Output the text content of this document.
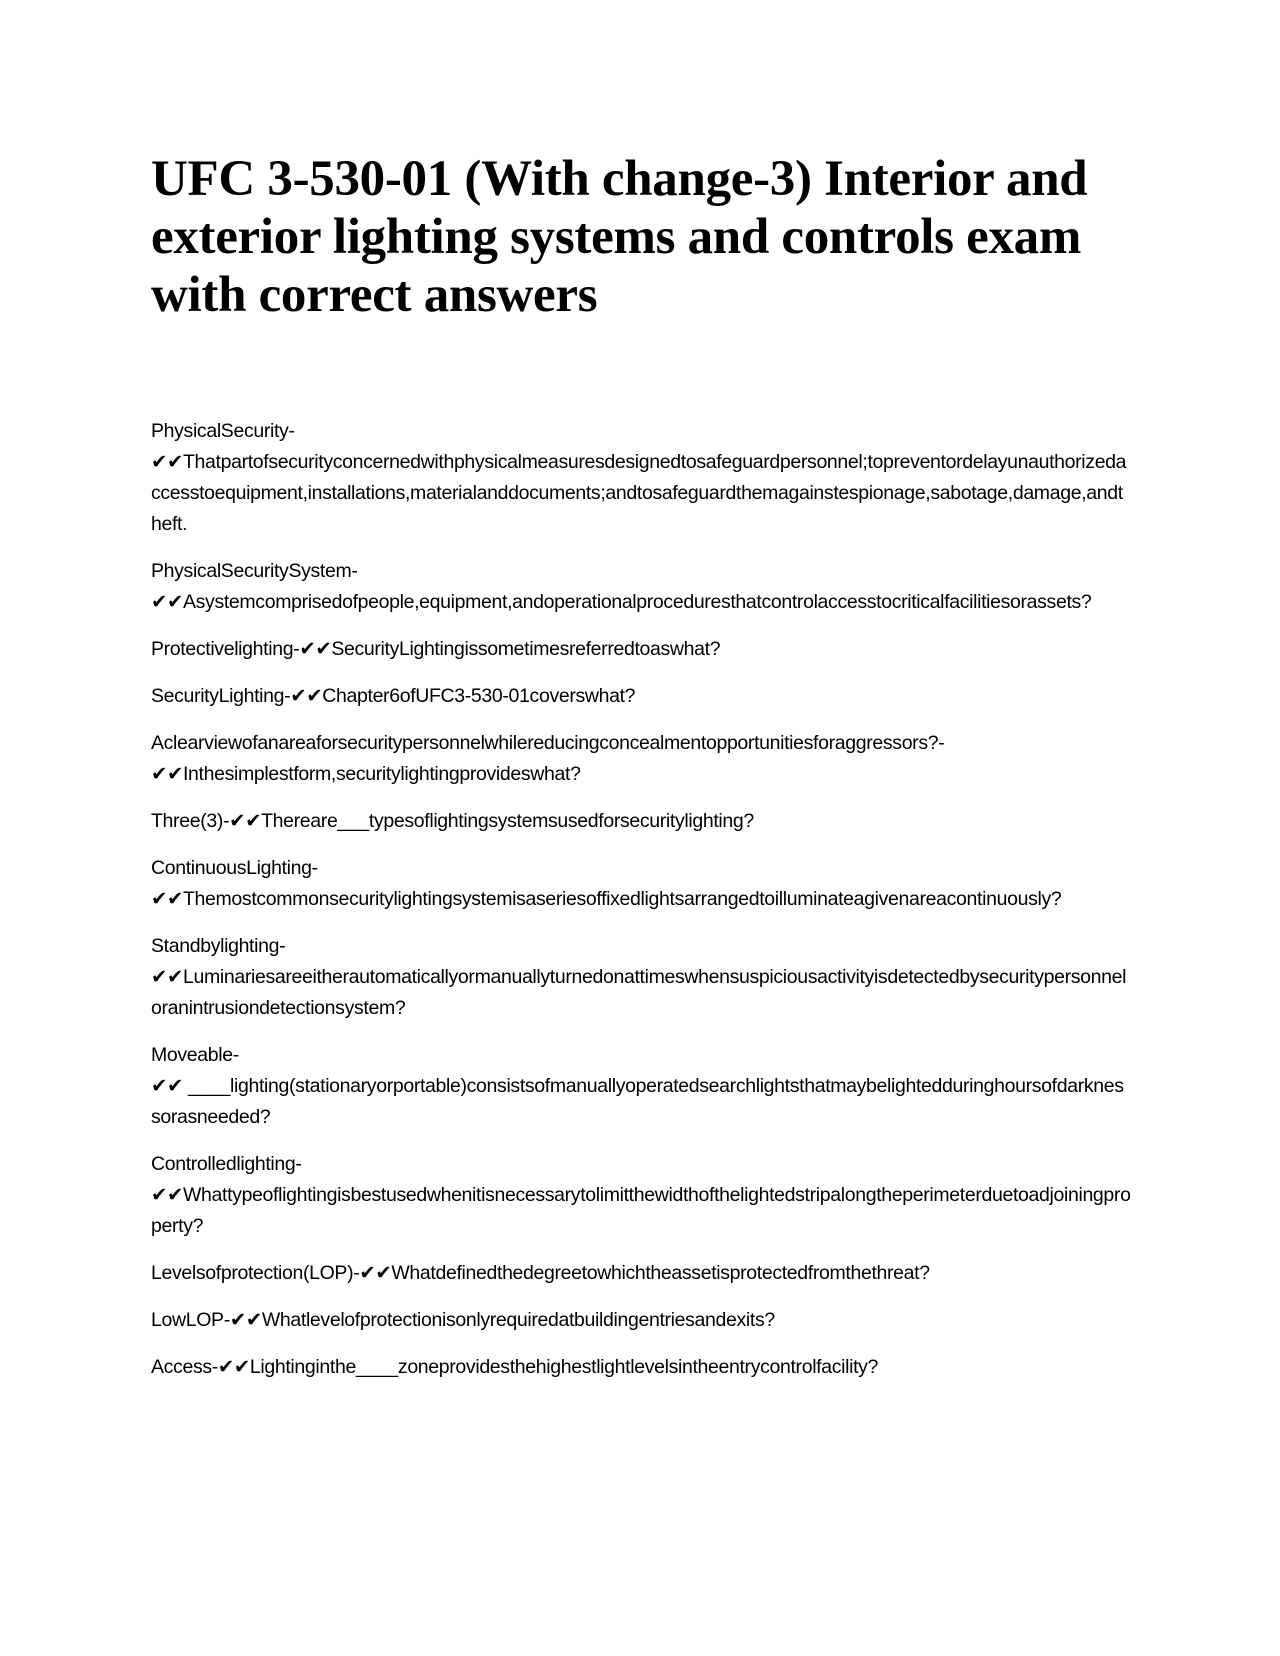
UFC 3-530-01 (With change-3) Interior and exterior lighting systems and controls exam with correct answers
PhysicalSecurity-
✔✔Thatpartofsecurityconcernedwithphysicalmeasuresdesignedtosafeguardpersonnel;topreventordelayunauthorizedaccesstoequipment,installations,materialanddocuments;andtosafeguardthemagainstespionage,sabotage,damage,andtheft.
PhysicalSecuritySystem-
✔✔Asystemcomprisedofpeople,equipment,andoperationalproceduresthatcontrolaccesstocriticalfacilitiesorassets?
Protectivelighting-✔✔SecurityLightingissometimesreferredtoaswhat?
SecurityLighting-✔✔Chapter6ofUFC3-530-01coverswhat?
Aclearviewofanareaforsecuritypersonnelwhilereducingconcealmentopportunitiesforaggressors?-
✔✔Inthesimplestform,securitylightingprovideswhat?
Three(3)-✔✔Thereare___typesoflightingsystemsusedforsecuritylighting?
ContinuousLighting-
✔✔Themostcommonsecuritylightingsystemisaseriesoffixedlightsarrangedtoilluminateagivenareacontinuously?
Standbylighting-
✔✔Luminariesareeitherautomaticallyormanuallyturnedonattimeswhensuspiciousactivityisdetectedbysecuritypersonneloranintrusiondetectionsystem?
Moveable-
✔✔ ____lighting(stationaryorportable)consistsofmanuallyoperatedsearchlightsthatmaybelightedduringhoursofdarknessorasneeded?
Controlledlighting-
✔✔Whattypeoflightingisbestusedwhenitisnecessarytolimitthewidthofthelightedstripalongtheperimeterduetoadjoiningproperty?
Levelsofprotection(LOP)-✔✔Whatdefinedthedegreetowhichtheassetisprotectedfromthethreat?
LowLOP-✔✔Whatlevelofprotectionisonlyrequiredatbuildingentriesandexits?
Access-✔✔Lightinginthe____zoneprovidesthehighestlightlevelsintheentrycontrolfacility?
